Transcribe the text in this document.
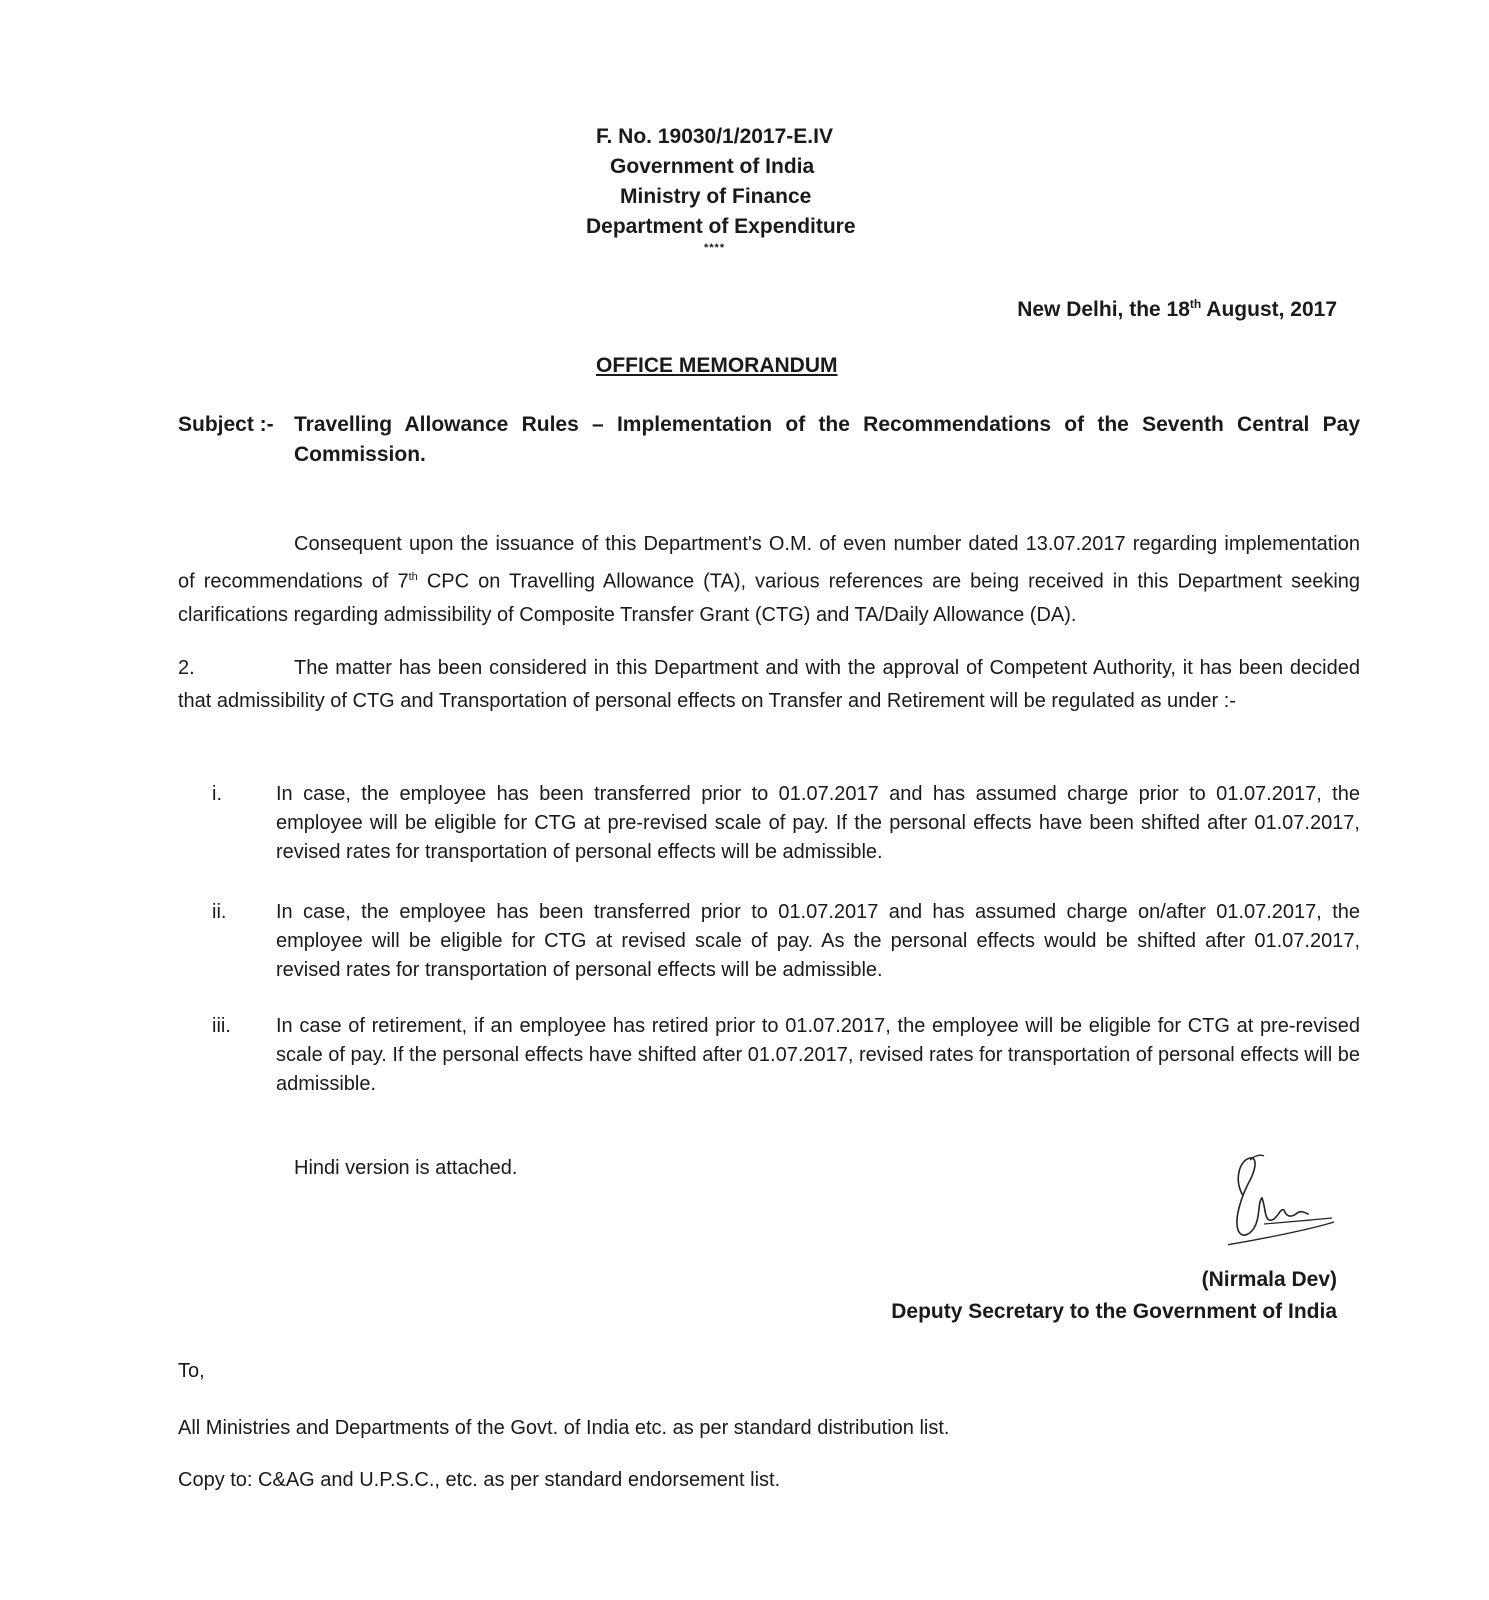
F. No. 19030/1/2017-E.IV
Government of India
Ministry of Finance
Department of Expenditure
****
New Delhi, the 18th August, 2017
OFFICE MEMORANDUM
Subject :- Travelling Allowance Rules – Implementation of the Recommendations of the Seventh Central Pay Commission.
Consequent upon the issuance of this Department's O.M. of even number dated 13.07.2017 regarding implementation of recommendations of 7th CPC on Travelling Allowance (TA), various references are being received in this Department seeking clarifications regarding admissibility of Composite Transfer Grant (CTG) and TA/Daily Allowance (DA).
2.	The matter has been considered in this Department and with the approval of Competent Authority, it has been decided that admissibility of CTG and Transportation of personal effects on Transfer and Retirement will be regulated as under :-
i.	In case, the employee has been transferred prior to 01.07.2017 and has assumed charge prior to 01.07.2017, the employee will be eligible for CTG at pre-revised scale of pay. If the personal effects have been shifted after 01.07.2017, revised rates for transportation of personal effects will be admissible.
ii. In case, the employee has been transferred prior to 01.07.2017 and has assumed charge on/after 01.07.2017, the employee will be eligible for CTG at revised scale of pay. As the personal effects would be shifted after 01.07.2017, revised rates for transportation of personal effects will be admissible.
iii. In case of retirement, if an employee has retired prior to 01.07.2017, the employee will be eligible for CTG at pre-revised scale of pay. If the personal effects have shifted after 01.07.2017, revised rates for transportation of personal effects will be admissible.
Hindi version is attached.
(Nirmala Dev)
Deputy Secretary to the Government of India
To,
All Ministries and Departments of the Govt. of India etc. as per standard distribution list.
Copy to: C&AG and U.P.S.C., etc. as per standard endorsement list.
